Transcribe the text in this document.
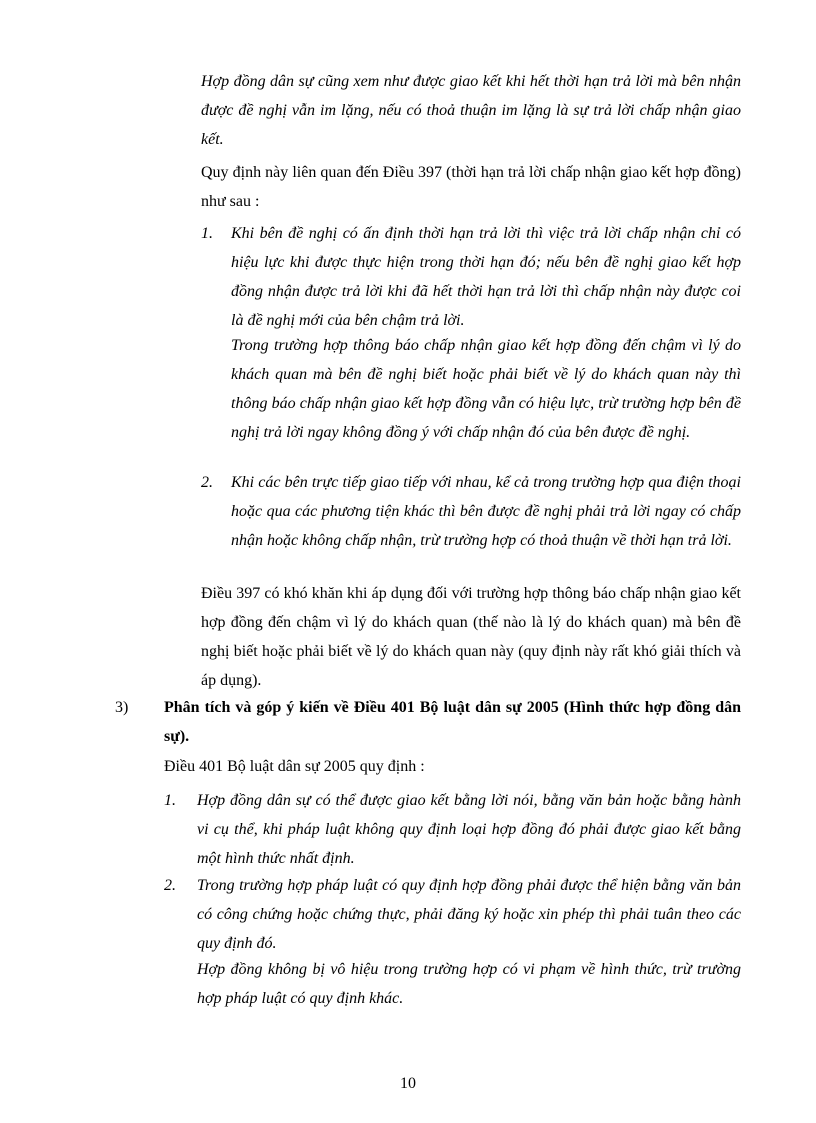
Hợp đồng dân sự cũng xem như được giao kết khi hết thời hạn trả lời mà bên nhận được đề nghị vẫn im lặng, nếu có thoả thuận im lặng là sự trả lời chấp nhận giao kết.

Quy định này liên quan đến Điều 397 (thời hạn trả lời chấp nhận giao kết hợp đồng) như sau :

1. Khi bên đề nghị có ấn định thời hạn trả lời thì việc trả lời chấp nhận chỉ có hiệu lực khi được thực hiện trong thời hạn đó; nếu bên đề nghị giao kết hợp đồng nhận được trả lời khi đã hết thời hạn trả lời thì chấp nhận này được coi là đề nghị mới của bên chậm trả lời.

Trong trường hợp thông báo chấp nhận giao kết hợp đồng đến chậm vì lý do khách quan mà bên đề nghị biết hoặc phải biết về lý do khách quan này thì thông báo chấp nhận giao kết hợp đồng vẫn có hiệu lực, trừ trường hợp bên đề nghị trả lời ngay không đồng ý với chấp nhận đó của bên được đề nghị.

2. Khi các bên trực tiếp giao tiếp với nhau, kể cả trong trường hợp qua điện thoại hoặc qua các phương tiện khác thì bên được đề nghị phải trả lời ngay có chấp nhận hoặc không chấp nhận, trừ trường hợp có thoả thuận về thời hạn trả lời.

Điều 397 có khó khăn khi áp dụng đối với trường hợp thông báo chấp nhận giao kết hợp đồng đến chậm vì lý do khách quan (thế nào là lý do khách quan) mà bên đề nghị biết hoặc phải biết về lý do khách quan này (quy định này rất khó giải thích và áp dụng).

3) Phân tích và góp ý kiến về Điều 401 Bộ luật dân sự 2005 (Hình thức hợp đồng dân sự).

Điều 401 Bộ luật dân sự 2005 quy định :

1. Hợp đồng dân sự có thể được giao kết bằng lời nói, bằng văn bản hoặc bằng hành vi cụ thể, khi pháp luật không quy định loại hợp đồng đó phải được giao kết bằng một hình thức nhất định.

2. Trong trường hợp pháp luật có quy định hợp đồng phải được thể hiện bằng văn bản có công chứng hoặc chứng thực, phải đăng ký hoặc xin phép thì phải tuân theo các quy định đó.

Hợp đồng không bị vô hiệu trong trường hợp có vi phạm về hình thức, trừ trường hợp pháp luật có quy định khác.

10
